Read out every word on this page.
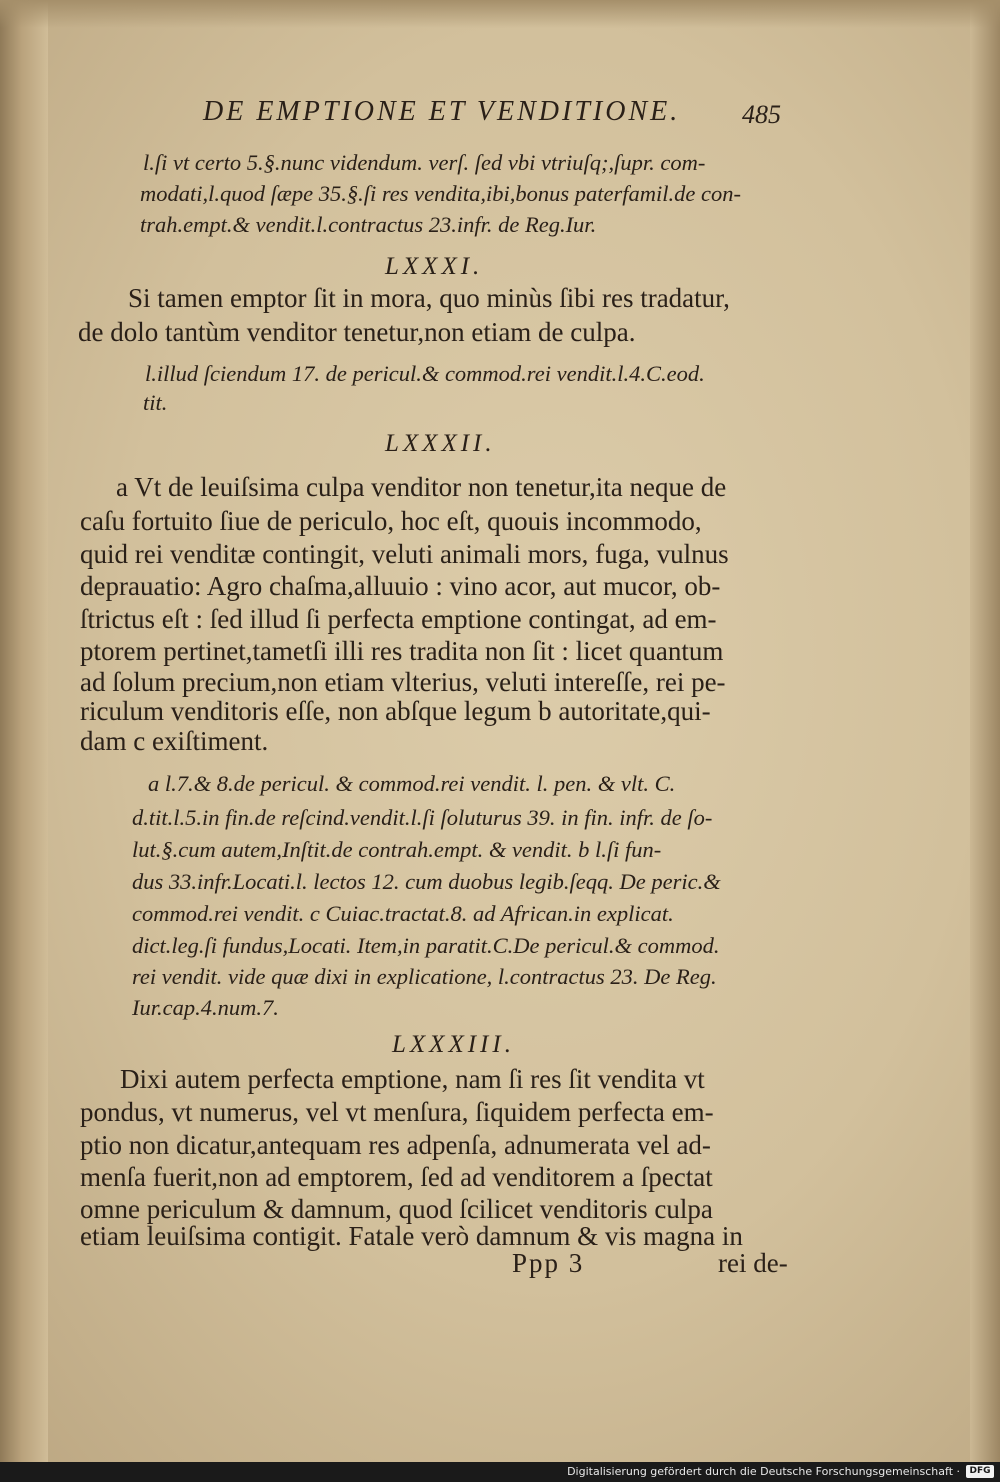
DE EMPTIONE ET VENDITIONE. 485
l.ſi vt certo 5.§.nunc videndum. verſ. ſed vbi vtriuſq;,ſupr. com-
modati,l.quod ſæpe 35.§.ſi res vendita,ibi,bonus paterfamil.de con-
trah.empt.& vendit.l.contractus 23.infr. de Reg.Iur.
LXXXI.
Si tamen emptor ſit in mora, quo minùs ſibi res tradatur,
de dolo tantùm venditor tenetur,non etiam de culpa.
l.illud ſciendum 17. de pericul.& commod.rei vendit.l.4.C.eod.
tit.
LXXXII.
a Vt de leuiſsima culpa venditor non tenetur,ita neque de
caſu fortuito ſiue de periculo, hoc eſt, quouis incommodo,
quid rei venditæ contingit, veluti animali mors, fuga, vulnus
deprauatio: Agro chaſma,alluuio : vino acor, aut mucor, ob-
ſtrictus eſt : ſed illud ſi perfecta emptione contingat, ad em-
ptorem pertinet,tametſi illi res tradita non ſit : licet quantum
ad ſolum precium,non etiam vlterius, veluti intereſſe, rei pe-
riculum venditoris eſſe, non abſque legum b autoritate,qui-
dam c exiſtiment.
a l.7.& 8.de pericul. & commod.rei vendit. l. pen. & vlt. C.
d.tit.l.5.in fin.de reſcind.vendit.l.ſi ſoluturus 39. in fin. infr. de ſo-
lut.§.cum autem,Inſtit.de contrah.empt. & vendit. b l.ſi fun-
dus 33.infr.Locati.l. lectos 12. cum duobus legib.ſeqq. De peric.&
commod.rei vendit. c Cuiac.tractat.8. ad African.in explicat.
dict.leg.ſi fundus,Locati. Item,in paratit.C.De pericul.& commod.
rei vendit. vide quæ dixi in explicatione, l.contractus 23. De Reg.
Iur.cap.4.num.7.
LXXXIII.
Dixi autem perfecta emptione, nam ſi res ſit vendita vt
pondus, vt numerus, vel vt menſura, ſiquidem perfecta em-
ptio non dicatur,antequam res adpenſa, adnumerata vel ad-
menſa fuerit,non ad emptorem, ſed ad venditorem a ſpectat
omne periculum & damnum, quod ſcilicet venditoris culpa
etiam leuiſsima contigit. Fatale verò damnum & vis magna in
Ppp 3	rei de-
Digitalisierung gefördert durch die Deutsche Forschungsgemeinschaft ·	DFG
